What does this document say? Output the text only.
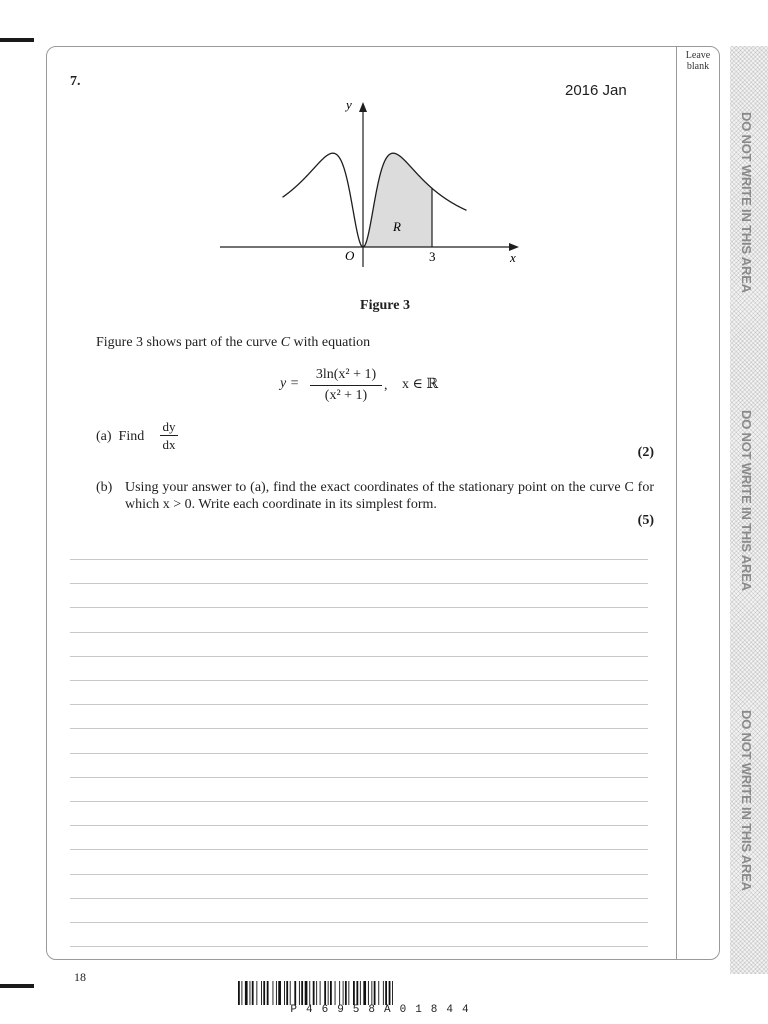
Leave blank
DO NOT WRITE IN THIS AREA
DO NOT WRITE IN THIS AREA
DO NOT WRITE IN THIS AREA
7.
2016 Jan
y
x
O	3
R
Figure 3
Figure 3 shows part of the curve C with equation
y =
3ln(x² + 1)
(x² + 1)
, x ∈ ℝ
(a) Find
dy
dx
(2)
(b) Using your answer to (a), find the exact coordinates of the stationary point on the curve C for which x > 0. Write each coordinate in its simplest form.
(5)
18
P46958A01844
